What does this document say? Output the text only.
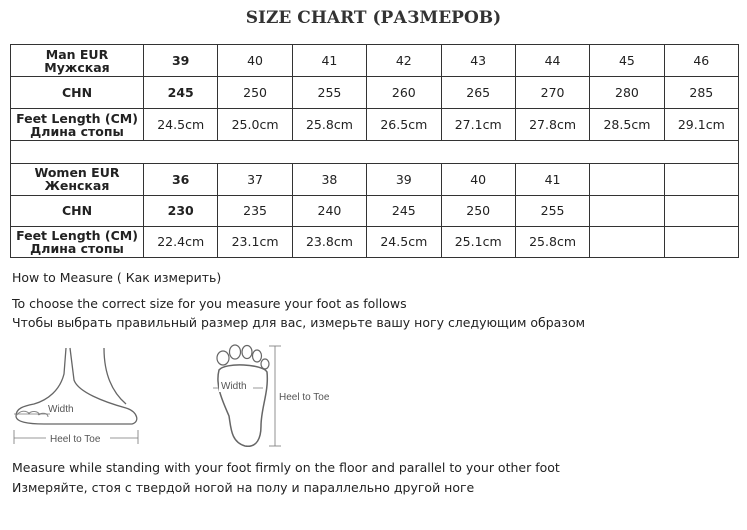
SIZE CHART (РАЗМЕРОВ)
Man EUR
Мужская	39	40	41	42	43	44	45	46
CHN	245	250	255	260	265	270	280	285

Feet Length (CM)
Длина стопы	24.5cm	25.0cm	25.8cm	26.5cm	27.1cm	27.8cm	28.5cm	29.1cm

Women EUR
Женская	36	37	38	39	40	41		
CHN	230	235	240	245	250	255		

Feet Length (CM)
Длина стопы	22.4cm	23.1cm	23.8cm	24.5cm	25.1cm	25.8cm		
How to Measure ( Как измерить)
To choose the correct size for you measure your foot as follows
Чтобы выбрать правильный размер для вас, измерьте вашу ногу следующим образом
Width
Heel to Toe
Width
Heel to Toe
Measure while standing with your foot firmly on the floor and parallel to your other foot
Измеряйте, стоя с твердой ногой на полу и параллельно другой ноге
